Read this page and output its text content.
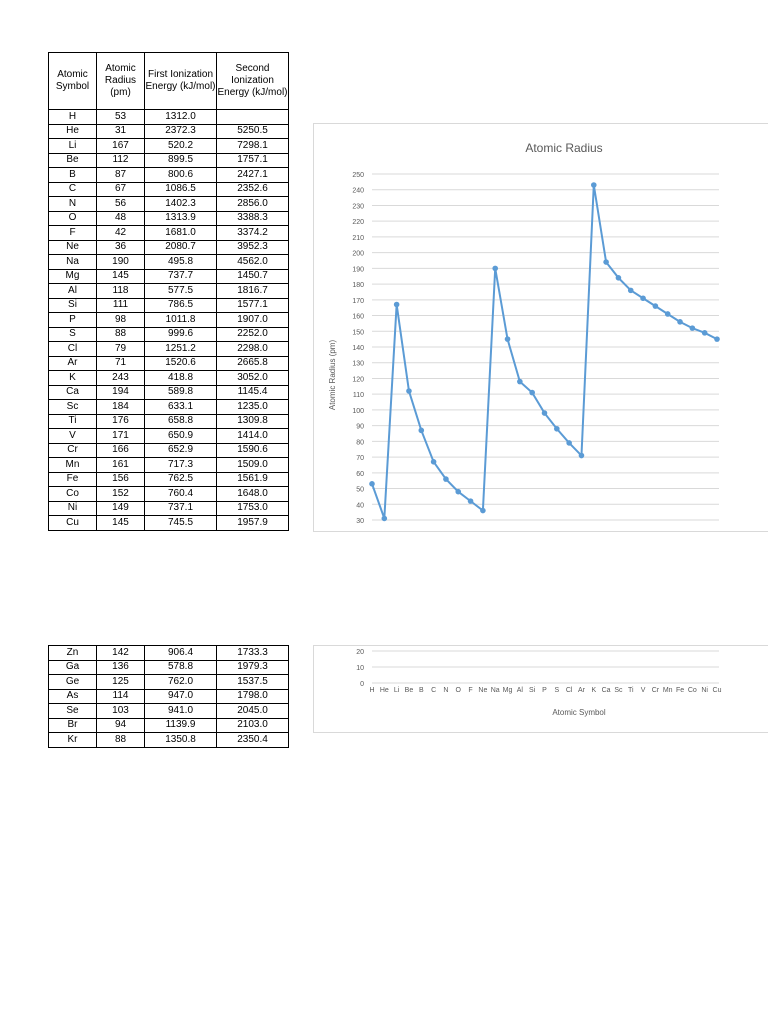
Atomic Symbol	Atomic Radius (pm)	First Ionization Energy (kJ/mol)	Second Ionization Energy (kJ/mol)
H	53	1312.0	
He	31	2372.3	5250.5
Li	167	520.2	7298.1
Be	112	899.5	1757.1
B	87	800.6	2427.1
C	67	1086.5	2352.6
N	56	1402.3	2856.0
O	48	1313.9	3388.3
F	42	1681.0	3374.2
Ne	36	2080.7	3952.3
Na	190	495.8	4562.0
Mg	145	737.7	1450.7
Al	118	577.5	1816.7
Si	111	786.5	1577.1
P	98	1011.8	1907.0
S	88	999.6	2252.0
Cl	79	1251.2	2298.0
Ar	71	1520.6	2665.8
K	243	418.8	3052.0
Ca	194	589.8	1145.4
Sc	184	633.1	1235.0
Ti	176	658.8	1309.8
V	171	650.9	1414.0
Cr	166	652.9	1590.6
Mn	161	717.3	1509.0
Fe	156	762.5	1561.9
Co	152	760.4	1648.0
Ni	149	737.1	1753.0
Cu	145	745.5	1957.9
Zn	142	906.4	1733.3
Ga	136	578.8	1979.3
Ge	125	762.0	1537.5
As	114	947.0	1798.0
Se	103	941.0	2045.0
Br	94	1139.9	2103.0
Kr	88	1350.8	2350.4
Atomic Radius
Atomic Radius (pm)
30
40
50
60
70
80
90
100
110
120
130
140
150
160
170
180
190
200
210
220
230
240
250
0
10
20
H He Li Be B C N O F Ne Na Mg Al Si P S Cl Ar K Ca Sc Ti V Cr Mn Fe Co Ni Cu
Atomic Symbol
